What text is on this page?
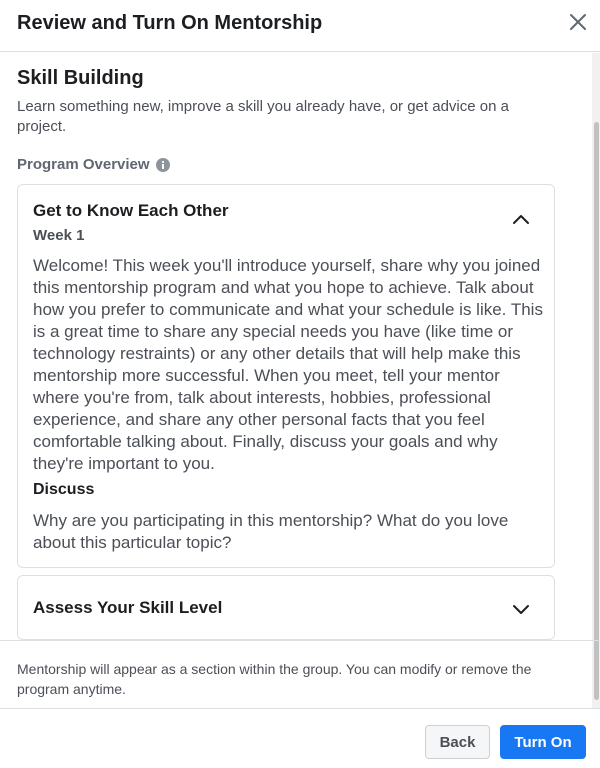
Review and Turn On Mentorship
Skill Building
Learn something new, improve a skill you already have, or get advice on a project.
Program Overview
Get to Know Each Other
Week 1
Welcome! This week you'll introduce yourself, share why you joined this mentorship program and what you hope to achieve. Talk about how you prefer to communicate and what your schedule is like. This is a great time to share any special needs you have (like time or technology restraints) or any other details that will help make this mentorship more successful. When you meet, tell your mentor where you're from, talk about interests, hobbies, professional experience, and share any other personal facts that you feel comfortable talking about. Finally, discuss your goals and why they're important to you.
Discuss
Why are you participating in this mentorship? What do you love about this particular topic?
Assess Your Skill Level
Mentorship will appear as a section within the group. You can modify or remove the program anytime.
Back	Turn On
